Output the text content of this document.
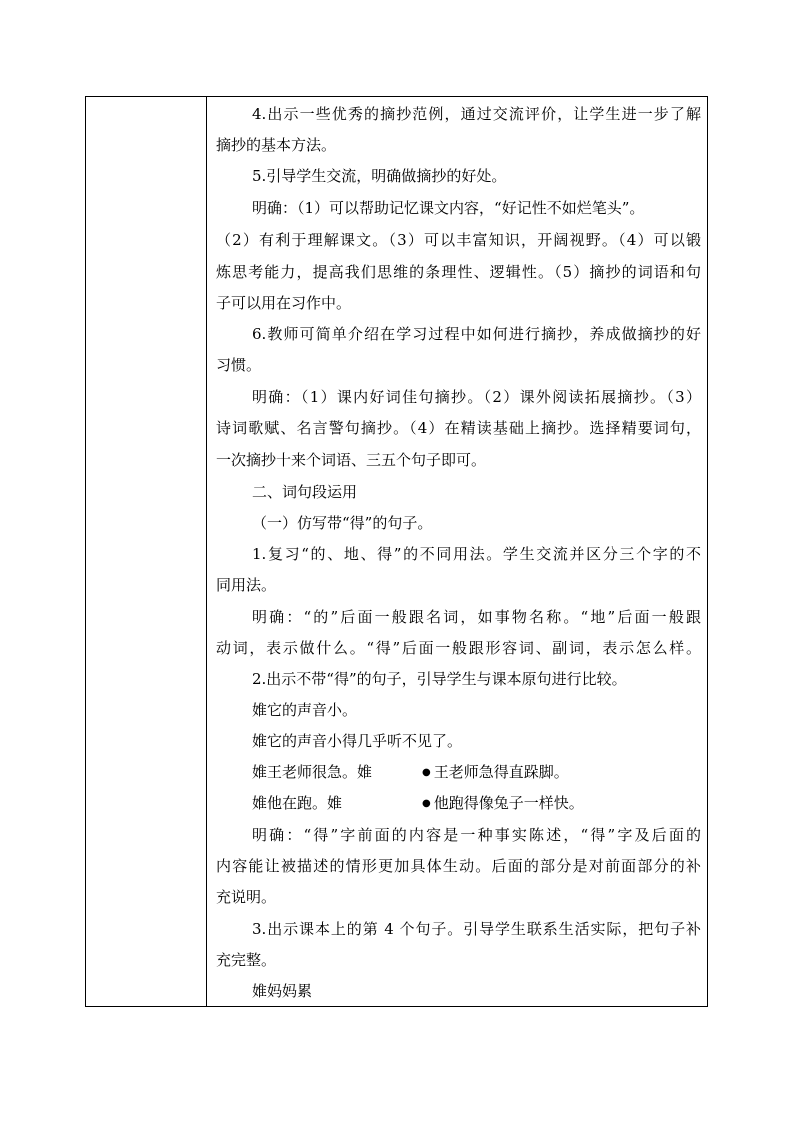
4.出示一些优秀的摘抄范例，通过交流评价，让学生进一步了解
摘抄的基本方法。
5.引导学生交流，明确做摘抄的好处。
明确：（1）可以帮助记忆课文内容，“好记性不如烂笔头”。
（2）有利于理解课文。（3）可以丰富知识，开阔视野。（4）可以锻
炼思考能力，提高我们思维的条理性、逻辑性。（5）摘抄的词语和句
子可以用在习作中。
6.教师可简单介绍在学习过程中如何进行摘抄，养成做摘抄的好
习惯。
明确：（1）课内好词佳句摘抄。（2）课外阅读拓展摘抄。（3）
诗词歌赋、名言警句摘抄。（4）在精读基础上摘抄。选择精要词句，
一次摘抄十来个词语、三五个句子即可。
二、词句段运用
（一）仿写带“得”的句子。
1.复习“的、地、得”的不同用法。学生交流并区分三个字的不
同用法。
明确：“的”后面一般跟名词，如事物名称。“地”后面一般跟
动词，表示做什么。“得”后面一般跟形容词、副词，表示怎么样。
2.出示不带“得”的句子，引导学生与课本原句进行比较。
婎它的声音小。
婎它的声音小得几乎听不见了。
婎王老师很急。婎	● 王老师急得直跺脚。
婎他在跑。婎	● 他跑得像兔子一样快。
明确：“得”字前面的内容是一种事实陈述，“得”字及后面的
内容能让被描述的情形更加具体生动。后面的部分是对前面部分的补
充说明。
3.出示课本上的第 4 个句子。引导学生联系生活实际，把句子补
充完整。
婎妈妈累
